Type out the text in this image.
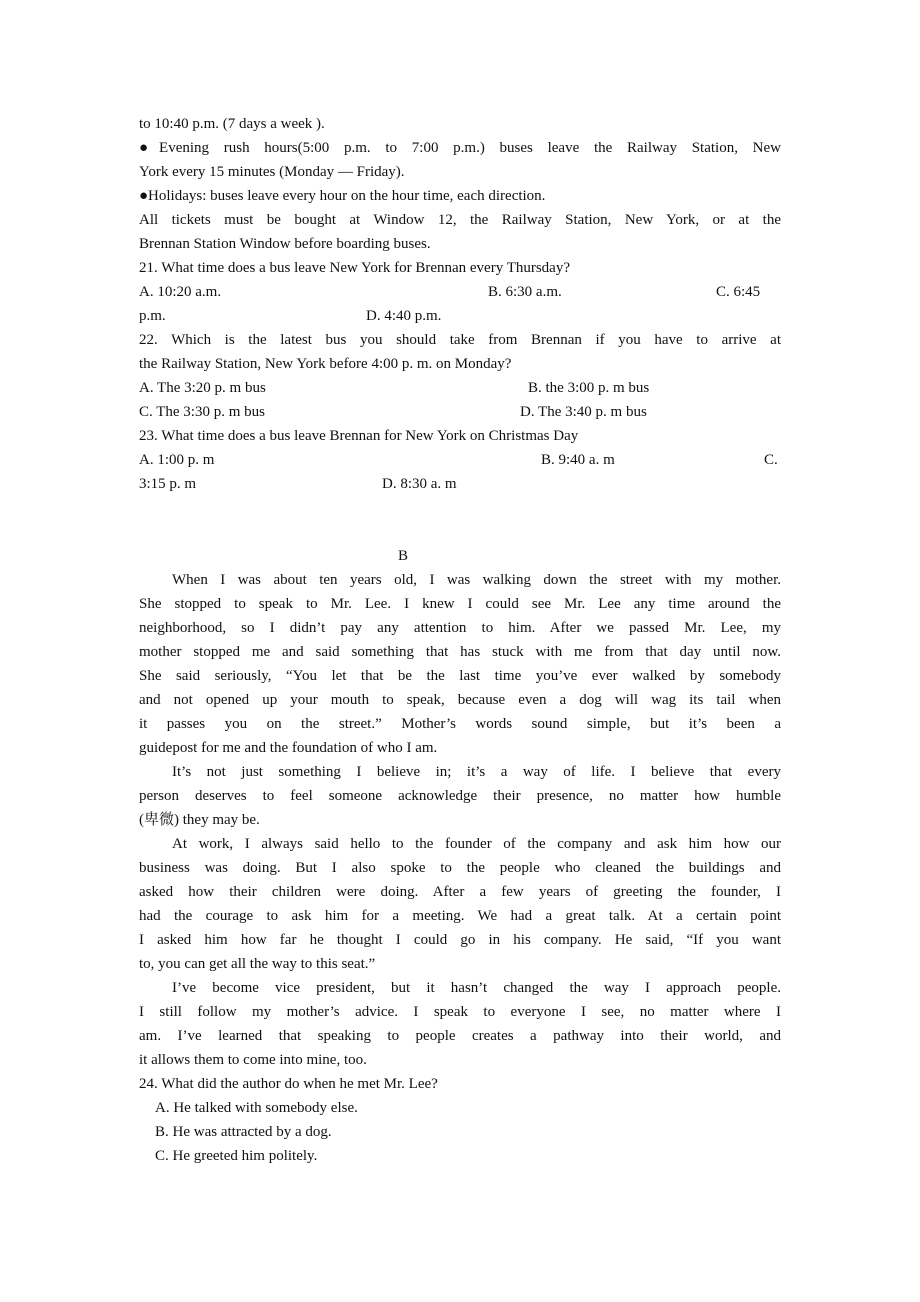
to 10:40 p.m. (7 days a week ).
●Evening rush hours(5:00 p.m. to 7:00 p.m.) buses leave the Railway Station, New
York every 15 minutes (Monday — Friday).
●Holidays: buses leave every hour on the hour time, each direction.
All tickets must be bought at Window 12, the Railway Station, New York, or at the
Brennan Station Window before boarding buses.
21. What time does a bus leave New York for Brennan every Thursday?
A. 10:20 a.m.	B. 6:30 a.m.	C. 6:45
p.m.	D. 4:40 p.m.
22. Which is the latest bus you should take from Brennan if you have to arrive at
the Railway Station, New York before 4:00 p. m. on Monday?
A. The 3:20 p. m bus	B. the 3:00 p. m bus
C. The 3:30 p. m bus	D. The 3:40 p. m bus
23. What time does a bus leave Brennan for New York on Christmas Day
A. 1:00 p. m	B. 9:40 a. m	C.
3:15 p. m	D. 8:30 a. m
B
When I was about ten years old, I was walking down the street with my mother.
She stopped to speak to Mr. Lee. I knew I could see Mr. Lee any time around the
neighborhood, so I didn’t pay any attention to him. After we passed Mr. Lee, my
mother stopped me and said something that has stuck with me from that day until now.
She said seriously, “You let that be the last time you’ve ever walked by somebody
and not opened up your mouth to speak, because even a dog will wag its tail when
it passes you on the street.” Mother’s words sound simple, but it’s been a
guidepost for me and the foundation of who I am.
It’s not just something I believe in; it’s a way of life. I believe that every
person deserves to feel someone acknowledge their presence, no matter how humble
(卑微) they may be.
At work, I always said hello to the founder of the company and ask him how our
business was doing. But I also spoke to the people who cleaned the buildings and
asked how their children were doing. After a few years of greeting the founder, I
had the courage to ask him for a meeting. We had a great talk. At a certain point
I asked him how far he thought I could go in his company. He said, “If you want
to, you can get all the way to this seat.”
I’ve become vice president, but it hasn’t changed the way I approach people.
I still follow my mother’s advice. I speak to everyone I see, no matter where I
am. I’ve learned that speaking to people creates a pathway into their world, and
it allows them to come into mine, too.
24. What did the author do when he met Mr. Lee?
A. He talked with somebody else.
B. He was attracted by a dog.
C. He greeted him politely.
